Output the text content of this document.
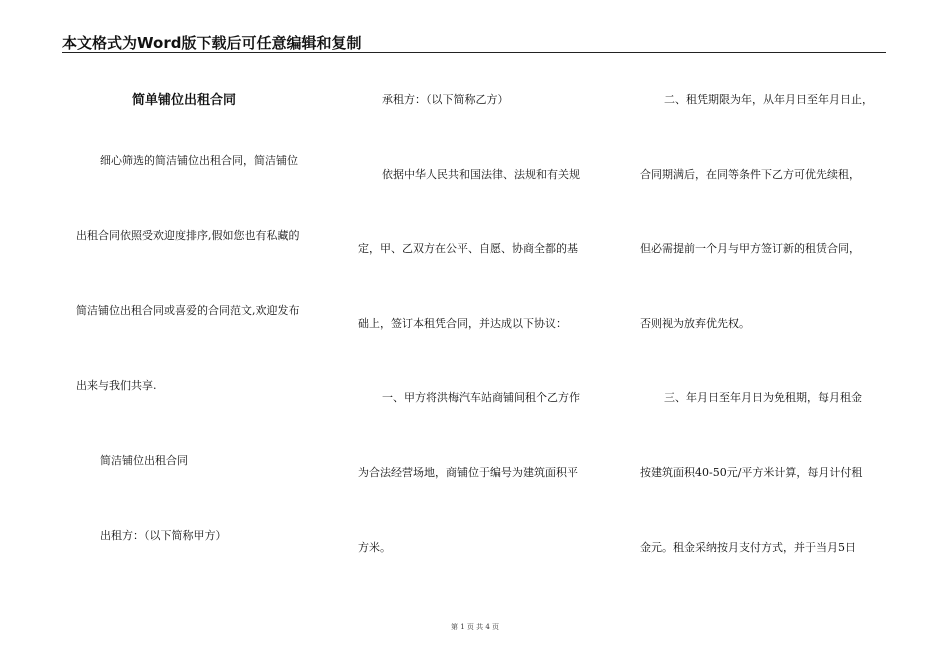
本文格式为Word版下载后可任意编辑和复制
简单铺位出租合同
细心筛选的简洁铺位出租合同，简洁铺位
出租合同依照受欢迎度排序,假如您也有私藏的
简洁铺位出租合同或喜爱的合同范文,欢迎发布
出来与我们共享.
简洁铺位出租合同
出租方：（以下简称甲方）
承租方：（以下简称乙方）
依据中华人民共和国法律、法规和有关规
定，甲、乙双方在公平、自愿、协商全都的基
础上，签订本租凭合同，并达成以下协议：
一、甲方将洪梅汽车站商铺间租个乙方作
为合法经营场地，商铺位于编号为建筑面积平
方米。
二、租凭期限为年，从年月日至年月日止，
合同期满后，在同等条件下乙方可优先续租，
但必需提前一个月与甲方签订新的租赁合同，
否则视为放弃优先权。
三、年月日至年月日为免租期，每月租金
按建筑面积40-50元/平方米计算，每月计付租
金元。租金采纳按月支付方式，并于当月5日
第 1 页 共 4 页
